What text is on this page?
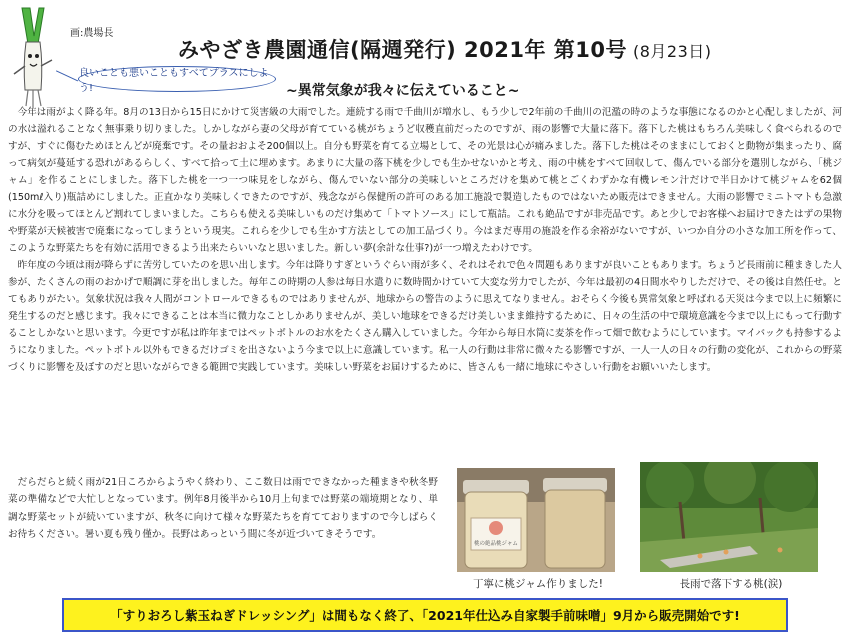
画:農場長
みやざき農園通信(隔週発行) 2021年 第10号 (8月23日)
良いことも悪いこともすべてプラスにしよう!	~異常気象が我々に伝えていること~

今年は雨がよく降る年。8月の13日から15日にかけて災害級の大雨でした。連続する雨で千曲川が増水し、もう少しで2年前の千曲川の氾濫の時のような事態になるのかと心配しましたが、河の水は溢れることなく無事乗り切りました。しかしながら妻の父母が育てている桃がちょうど収穫直前だったのですが、雨の影響で大量に落下。落下した桃はもちろん美味しく食べられるのですが、すぐに傷むためほとんどが廃棄です。その量おおよそ200個以上。自分も野菜を育てる立場として、その光景は心が痛みました。落下した桃はそのままにしておくと動物が集まったり、腐って病気が蔓延する恐れがあるらしく、すべて拾って土に埋めます。あまりに大量の落下桃を少しでも生かせないかと考え、雨の中桃をすべて回収して、傷んでいる部分を選別しながら、「桃ジャム」を作ることにしました。落下した桃を一つ一つ味見をしながら、傷んでいない部分の美味しいところだけを集めて桃とごくわずかな有機レモン汁だけで半日かけて桃ジャムを62個(150mℓ入り)瓶詰めにしました。正直かなり美味しくできたのですが、残念ながら保健所の許可のある加工施設で製造したものではないため販売はできません。大雨の影響でミニトマトも急激に水分を吸ってほとんど割れてしまいました。こちらも使える美味しいものだけ集めて「トマトソース」にして瓶詰。これも絶品ですが非売品です。あと少しでお客様へお届けできたはずの果物や野菜が天候被害で廃棄になってしまうという現実。これらを少しでも生かす方法としての加工品づくり。今はまだ専用の施設を作る余裕がないですが、いつか自分の小さな加工所を作って、このような野菜たちを有効に活用できるよう出来たらいいなと思いました。新しい夢(余計な仕事?)が一つ増えたわけです。

昨年度の今頃は雨が降らずに苦労していたのを思い出します。今年は降りすぎというぐらい雨が多く、それはそれで色々問題もありますが良いこともあります。ちょうど長雨前に種まきした人参が、たくさんの雨のおかげで順調に芽を出しました。毎年この時期の人参は毎日水遣りに数時間かけていて大変な労力でしたが、今年は最初の4日間水やりしただけで、その後は自然任せ。とてもありがたい。気象状況は我々人間がコントロールできるものではありませんが、地球からの警告のように思えてなりません。おそらく今後も異常気象と呼ばれる天災は今まで以上に頻繁に発生するのだと感じます。我々にできることは本当に微力なことしかありませんが、美しい地球をできるだけ美しいまま維持するために、日々の生活の中で環境意識を今まで以上にもって行動することしかないと思います。今更ですが私は昨年まではペットボトルのお水をたくさん購入していました。今年から毎日水筒に麦茶を作って畑で飲むようにしています。マイバックも持参するようになりました。ペットボトル以外もできるだけゴミを出さないよう今まで以上に意識しています。私一人の行動は非常に微々たる影響ですが、一人一人の日々の行動の変化が、これからの野菜づくりに影響を及ぼすのだと思いながらできる範囲で実践しています。美味しい野菜をお届けするために、皆さんも一緒に地球にやさしい行動をお願いいたします。

だらだらと続く雨が21日ころからようやく終わり、ここ数日は雨でできなかった種まきや秋冬野菜の準備などで大忙しとなっています。例年8月後半から10月上旬までは野菜の端境期となり、単調な野菜セットが続いていますが、秋冬に向けて様々な野菜たちを育てておりますので今しばらくお待ちください。暑い夏も残り僅か。長野はあっという間に冬が近づいてきそうです。

桃の絶品桃ジャム
丁寧に桃ジャム作りました!	長雨で落下する桃(涙)
「すりおろし紫玉ねぎドレッシング」は間もなく終了、「2021年仕込み自家製手前味噌」9月から販売開始です!
